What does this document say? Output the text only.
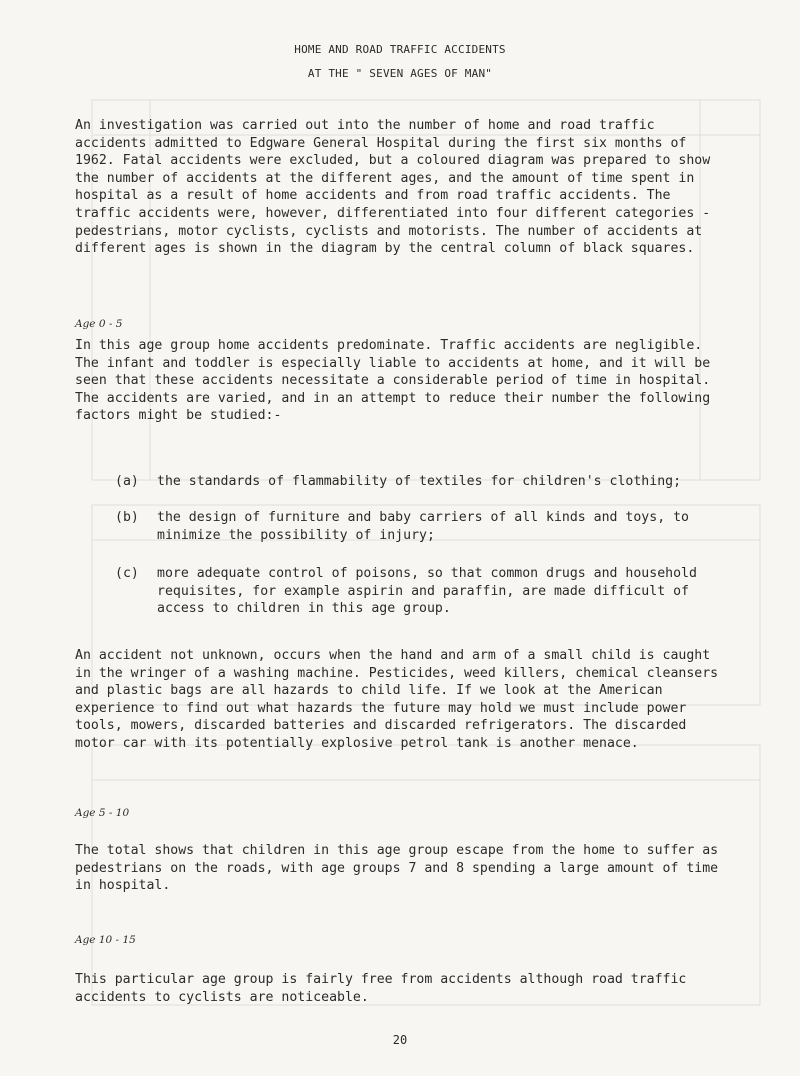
HOME AND ROAD TRAFFIC ACCIDENTS
AT THE " SEVEN AGES OF MAN"

An investigation was carried out into the number of home and road traffic accidents admitted to Edgware General Hospital during the first six months of 1962. Fatal accidents were excluded, but a coloured diagram was prepared to show the number of accidents at the different ages, and the amount of time spent in hospital as a result of home accidents and from road traffic accidents. The traffic accidents were, however, differentiated into four different categories - pedestrians, motor cyclists, cyclists and motorists. The number of accidents at different ages is shown in the diagram by the central column of black squares.

Age 0 - 5

In this age group home accidents predominate. Traffic accidents are negligible. The infant and toddler is especially liable to accidents at home, and it will be seen that these accidents necessitate a considerable period of time in hospital. The accidents are varied, and in an attempt to reduce their number the following factors might be studied:-

(a) the standards of flammability of textiles for children's clothing;
(b) the design of furniture and baby carriers of all kinds and toys, to minimize the possibility of injury;
(c) more adequate control of poisons, so that common drugs and household requisites, for example aspirin and paraffin, are made difficult of access to children in this age group.

An accident not unknown, occurs when the hand and arm of a small child is caught in the wringer of a washing machine. Pesticides, weed killers, chemical cleansers and plastic bags are all hazards to child life. If we look at the American experience to find out what hazards the future may hold we must include power tools, mowers, discarded batteries and discarded refrigerators. The discarded motor car with its potentially explosive petrol tank is another menace.

Age 5 - 10

The total shows that children in this age group escape from the home to suffer as pedestrians on the roads, with age groups 7 and 8 spending a large amount of time in hospital.

Age 10 - 15

This particular age group is fairly free from accidents although road traffic accidents to cyclists are noticeable.

20
